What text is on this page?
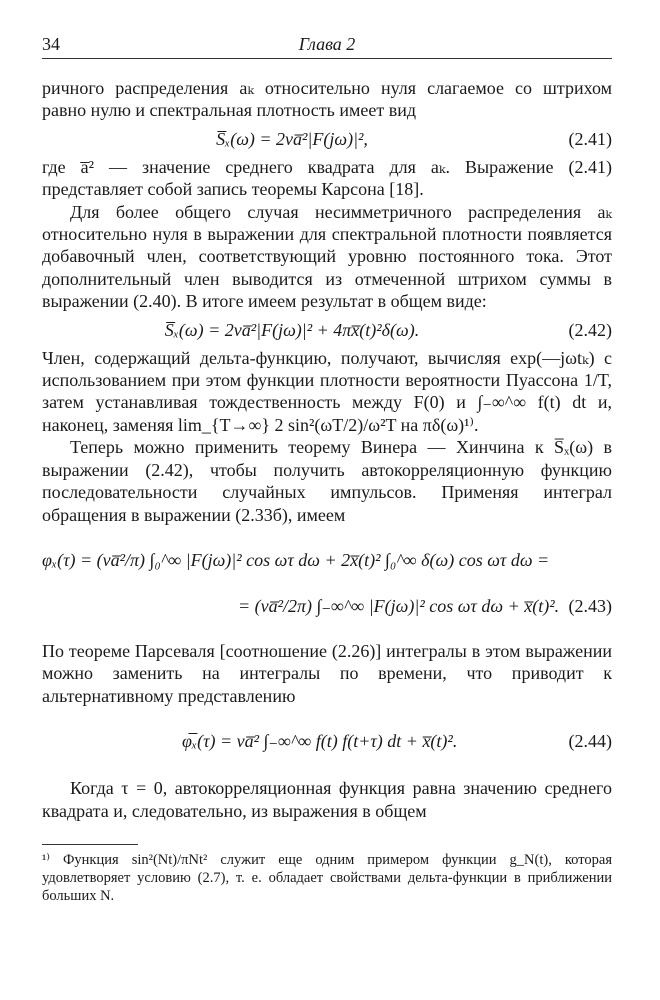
34	Глава 2

ричного распределения aₖ относительно нуля слагаемое со штрихом равно нулю и спектральная плотность имеет вид

S̅ₓ(ω) = 2νa̅²|F(jω)|²,	(2.41)

где a̅² — значение среднего квадрата для aₖ. Выражение (2.41) представляет собой запись теоремы Карсона [18].

Для более общего случая несимметричного распределения aₖ относительно нуля в выражении для спектральной плотности появляется добавочный член, соответствующий уровню постоянного тока. Этот дополнительный член выводится из отмеченной штрихом суммы в выражении (2.40). В итоге имеем результат в общем виде:

S̅ₓ(ω) = 2νa̅²|F(jω)|² + 4πx̅(t)²δ(ω).	(2.42)

Член, содержащий дельта-функцию, получают, вычисляя exp(—jωtₖ) с использованием при этом функции плотности вероятности Пуассона 1/T, затем устанавливая тождественность между F(0) и ∫₋∞^∞ f(t) dt и, наконец, заменяя lim_{T→∞} 2 sin²(ωT/2)/ω²T на πδ(ω)¹⁾.

Теперь можно применить теорему Винера — Хинчина к S̅ₓ(ω) в выражении (2.42), чтобы получить автокорреляционную функцию последовательности случайных импульсов. Применяя интеграл обращения в выражении (2.33б), имеем

φₓ(τ) = (νa̅²/π) ∫₀^∞ |F(jω)|² cos ωτ dω + 2x̅(t)² ∫₀^∞ δ(ω) cos ωτ dω =
= (νa̅²/2π) ∫₋∞^∞ |F(jω)|² cos ωτ dω + x̅(t)². (2.43)

По теореме Парсеваля [соотношение (2.26)] интегралы в этом выражении можно заменить на интегралы по времени, что приводит к альтернативному представлению

φ̅ₓ(τ) = νa̅² ∫₋∞^∞ f(t) f(t+τ) dt + x̅(t)².	(2.44)

Когда τ = 0, автокорреляционная функция равна значению среднего квадрата и, следовательно, из выражения в общем

¹⁾ Функция sin²(Nt)/πNt² служит еще одним примером функции g_N(t), которая удовлетворяет условию (2.7), т. е. обладает свойствами дельта-функции в приближении больших N.
